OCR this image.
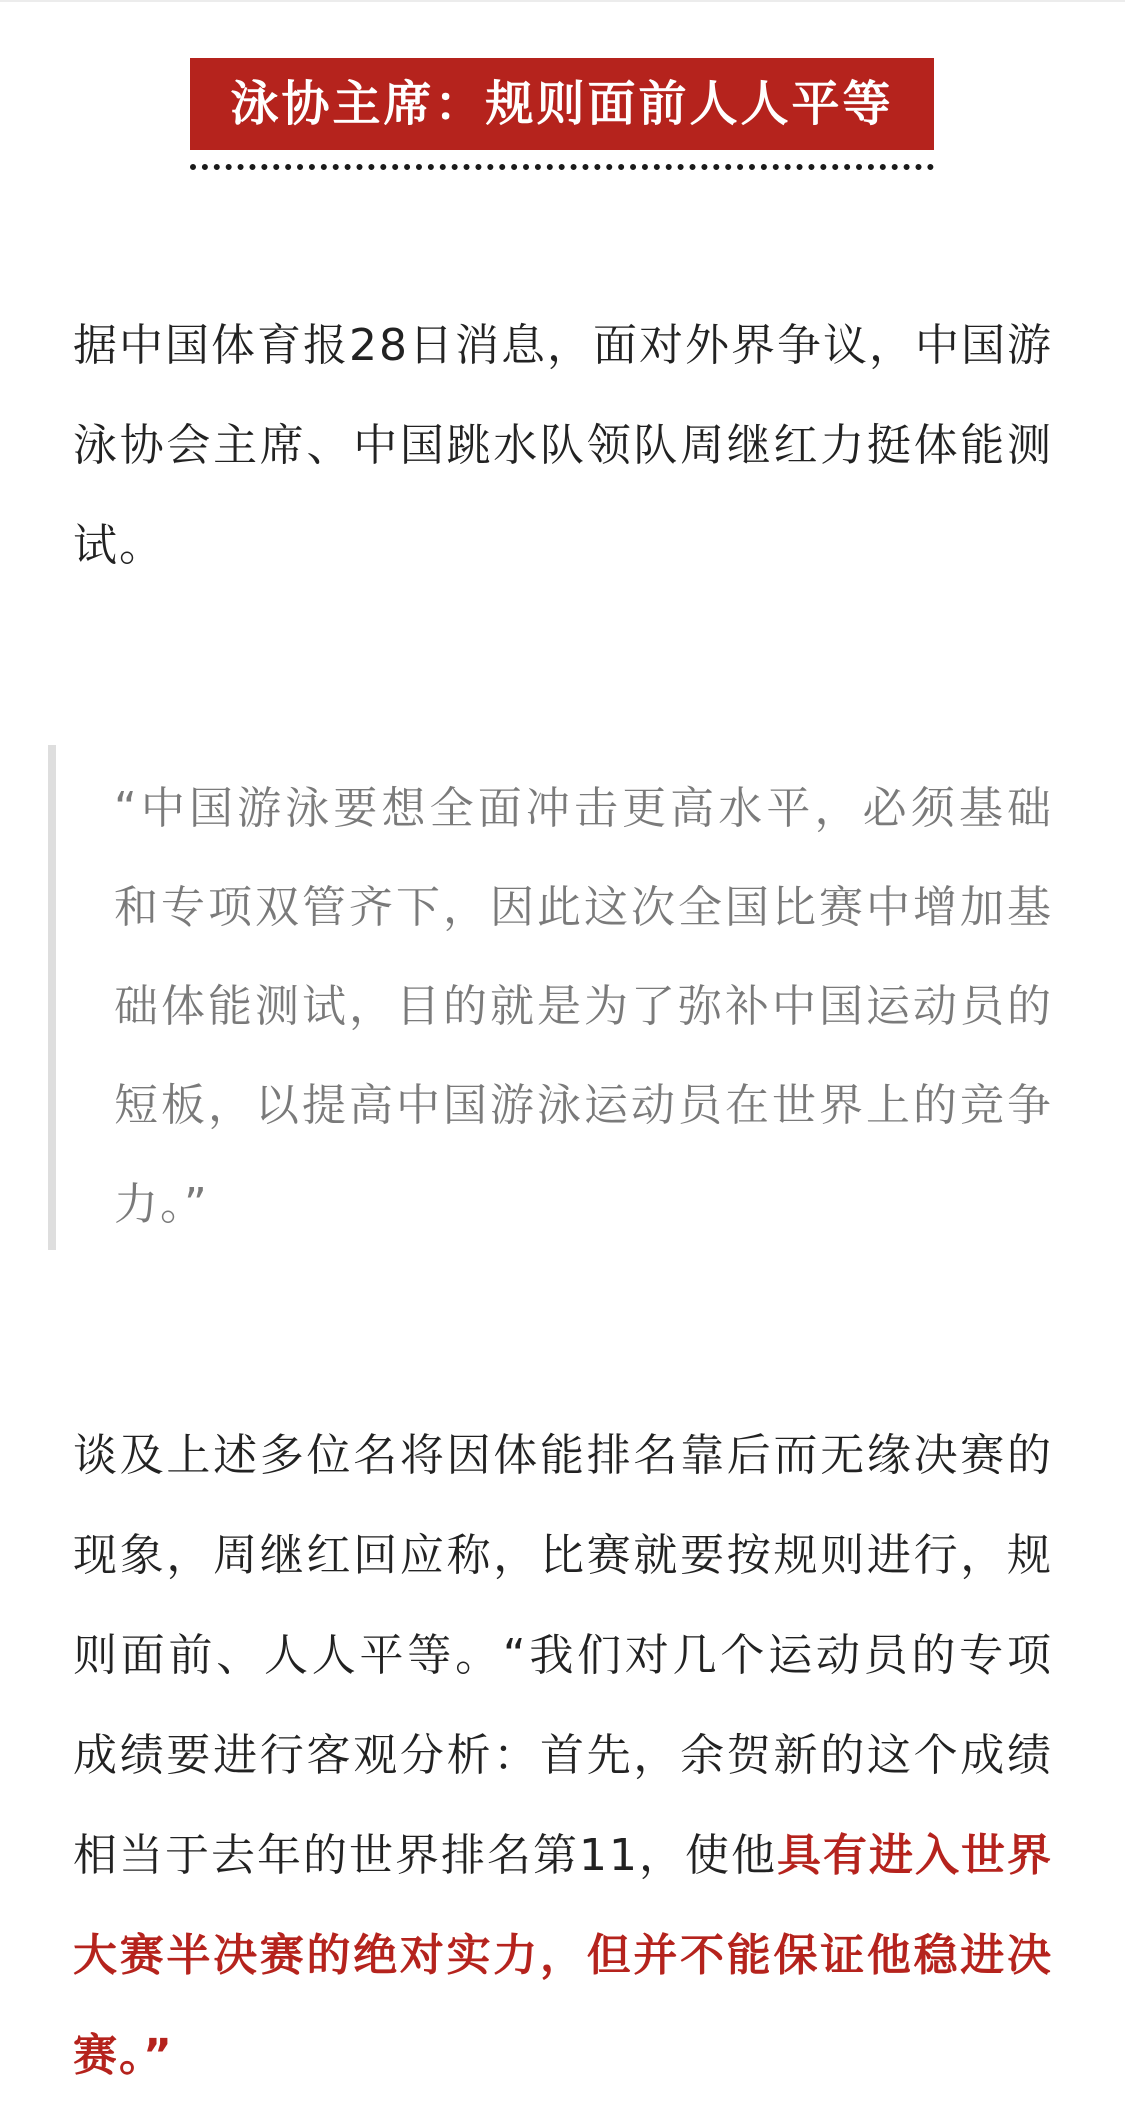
泳协主席：规则面前人人平等

据中国体育报28日消息，面对外界争议，中国游泳协会主席、中国跳水队领队周继红力挺体能测试。

“中国游泳要想全面冲击更高水平，必须基础和专项双管齐下，因此这次全国比赛中增加基础体能测试，目的就是为了弥补中国运动员的短板，以提高中国游泳运动员在世界上的竞争力。”

谈及上述多位名将因体能排名靠后而无缘决赛的现象，周继红回应称，比赛就要按规则进行，规则面前、人人平等。“我们对几个运动员的专项成绩要进行客观分析：首先，余贺新的这个成绩相当于去年的世界排名第11，使他具有进入世界大赛半决赛的绝对实力，但并不能保证他稳进决赛。”
